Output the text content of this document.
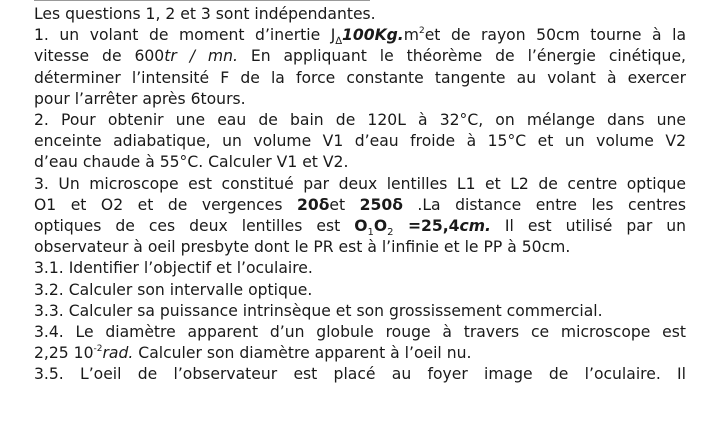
Les questions 1, 2 et 3 sont indépendantes.
1. un volant de moment d’inertie $J_\Delta 100Kg.m^2et$ de rayon 50cm tourne à la
vitesse de 600tr / mn. En appliquant le théorème de l’énergie cinétique,
déterminer l’intensité F de la force constante tangente au volant à exercer
pour l’arrêter après 6tours.
2. Pour obtenir une eau de bain de 120L à 32°C, on mélange dans une
enceinte adiabatique, un volume V1 d’eau froide à 15°C et un volume V2
d’eau chaude à 55°C. Calculer V1 et V2.
3. Un microscope est constitué par deux lentilles L1 et L2 de centre optique
O1 et O2 et de vergences 20δet 250δ .La distance entre les centres
optiques de ces deux lentilles est $O_1O_2 =25,4cm$. Il est utilisé par un
observateur à oeil presbyte dont le PR est à l’infinie et le PP à 50cm.
3.1. Identifier l’objectif et l’oculaire.
3.2. Calculer son intervalle optique.
3.3. Calculer sa puissance intrinsèque et son grossissement commercial.
3.4. Le diamètre apparent d’un globule rouge à travers ce microscope est
2,25 $10^{-2}rad$. Calculer son diamètre apparent à l’oeil nu.
3.5. L’oeil de l’observateur est placé au foyer image de l’oculaire. Il
